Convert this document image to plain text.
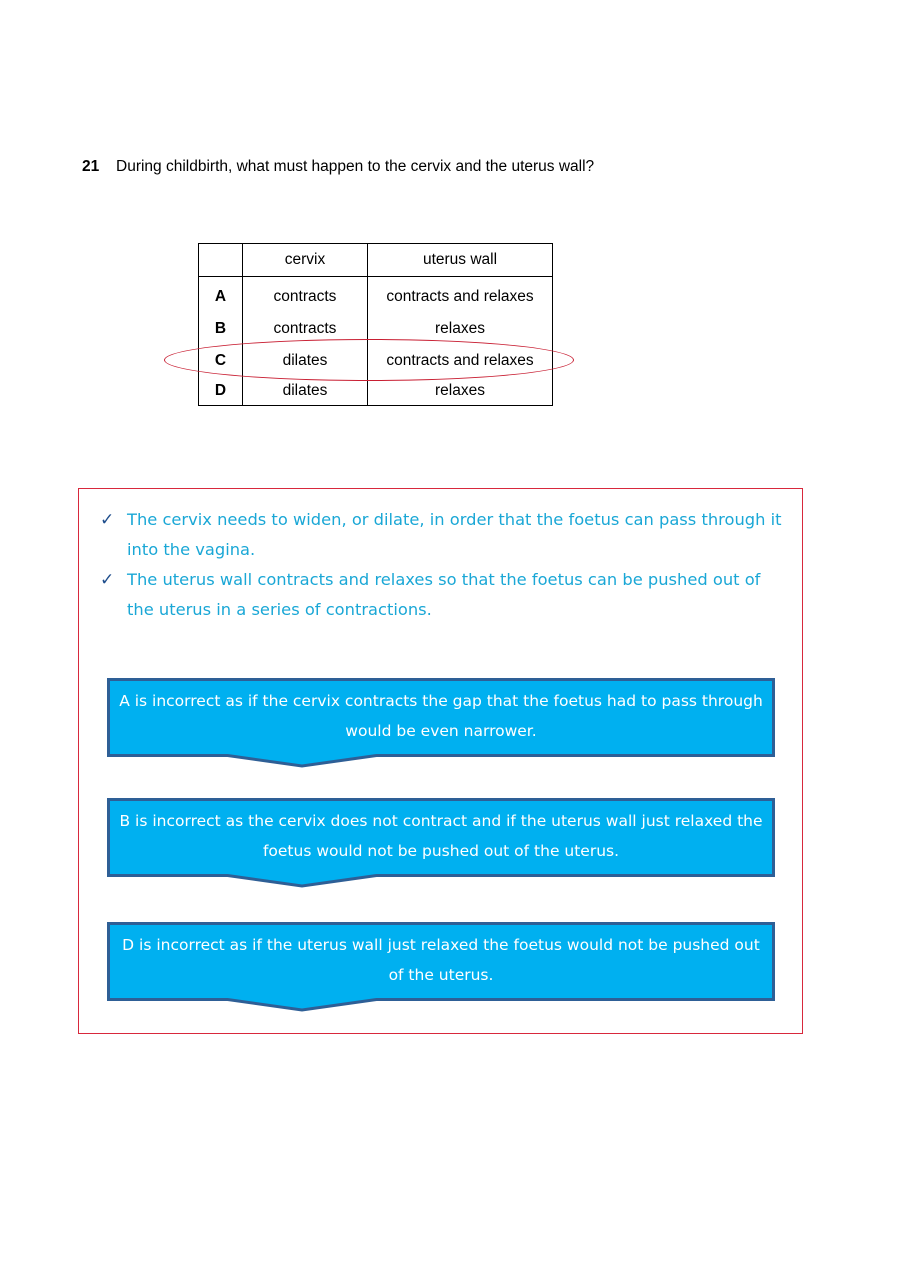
21 During childbirth, what must happen to the cervix and the uterus wall?
	cervix	uterus wall
A	contracts	contracts and relaxes
B	contracts	relaxes
C	dilates	contracts and relaxes
D	dilates	relaxes
✓ The cervix needs to widen, or dilate, in order that the foetus can pass through it into the vagina.
✓ The uterus wall contracts and relaxes so that the foetus can be pushed out of the uterus in a series of contractions.
A is incorrect as if the cervix contracts the gap that the foetus had to pass through would be even narrower.
B is incorrect as the cervix does not contract and if the uterus wall just relaxed the foetus would not be pushed out of the uterus.
D is incorrect as if the uterus wall just relaxed the foetus would not be pushed out of the uterus.
